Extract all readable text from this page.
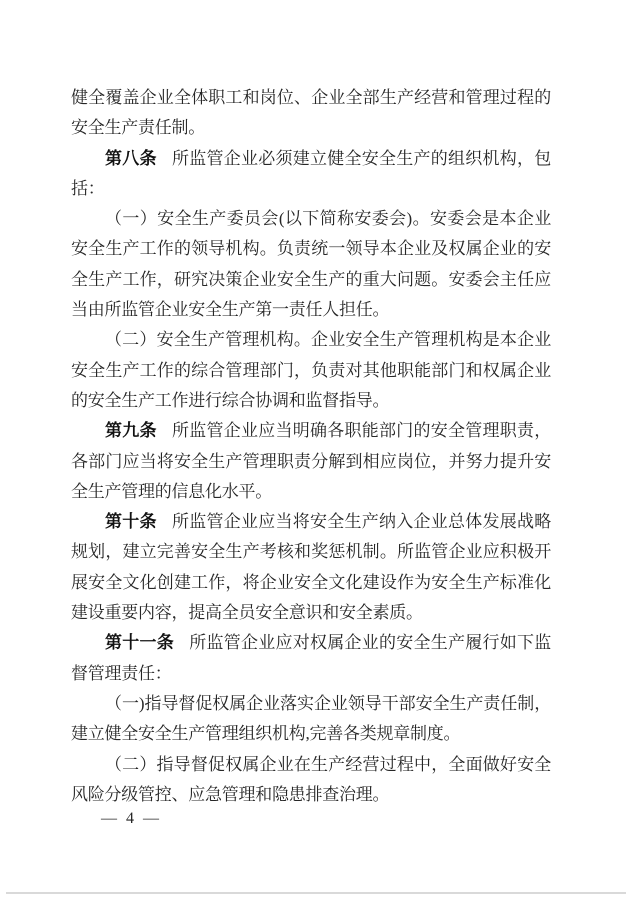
健全覆盖企业全体职工和岗位、企业全部生产经营和管理过程的安全生产责任制。

第八条 所监管企业必须建立健全安全生产的组织机构，包括：

（一）安全生产委员会(以下简称安委会)。安委会是本企业安全生产工作的领导机构。负责统一领导本企业及权属企业的安全生产工作，研究决策企业安全生产的重大问题。安委会主任应当由所监管企业安全生产第一责任人担任。

（二）安全生产管理机构。企业安全生产管理机构是本企业安全生产工作的综合管理部门，负责对其他职能部门和权属企业的安全生产工作进行综合协调和监督指导。

第九条 所监管企业应当明确各职能部门的安全管理职责，各部门应当将安全生产管理职责分解到相应岗位，并努力提升安全生产管理的信息化水平。

第十条 所监管企业应当将安全生产纳入企业总体发展战略规划，建立完善安全生产考核和奖惩机制。所监管企业应积极开展安全文化创建工作，将企业安全文化建设作为安全生产标准化建设重要内容，提高全员安全意识和安全素质。

第十一条 所监管企业应对权属企业的安全生产履行如下监督管理责任：

（一)指导督促权属企业落实企业领导干部安全生产责任制，建立健全安全生产管理组织机构,完善各类规章制度。

（二）指导督促权属企业在生产经营过程中，全面做好安全风险分级管控、应急管理和隐患排查治理。

— 4 —
